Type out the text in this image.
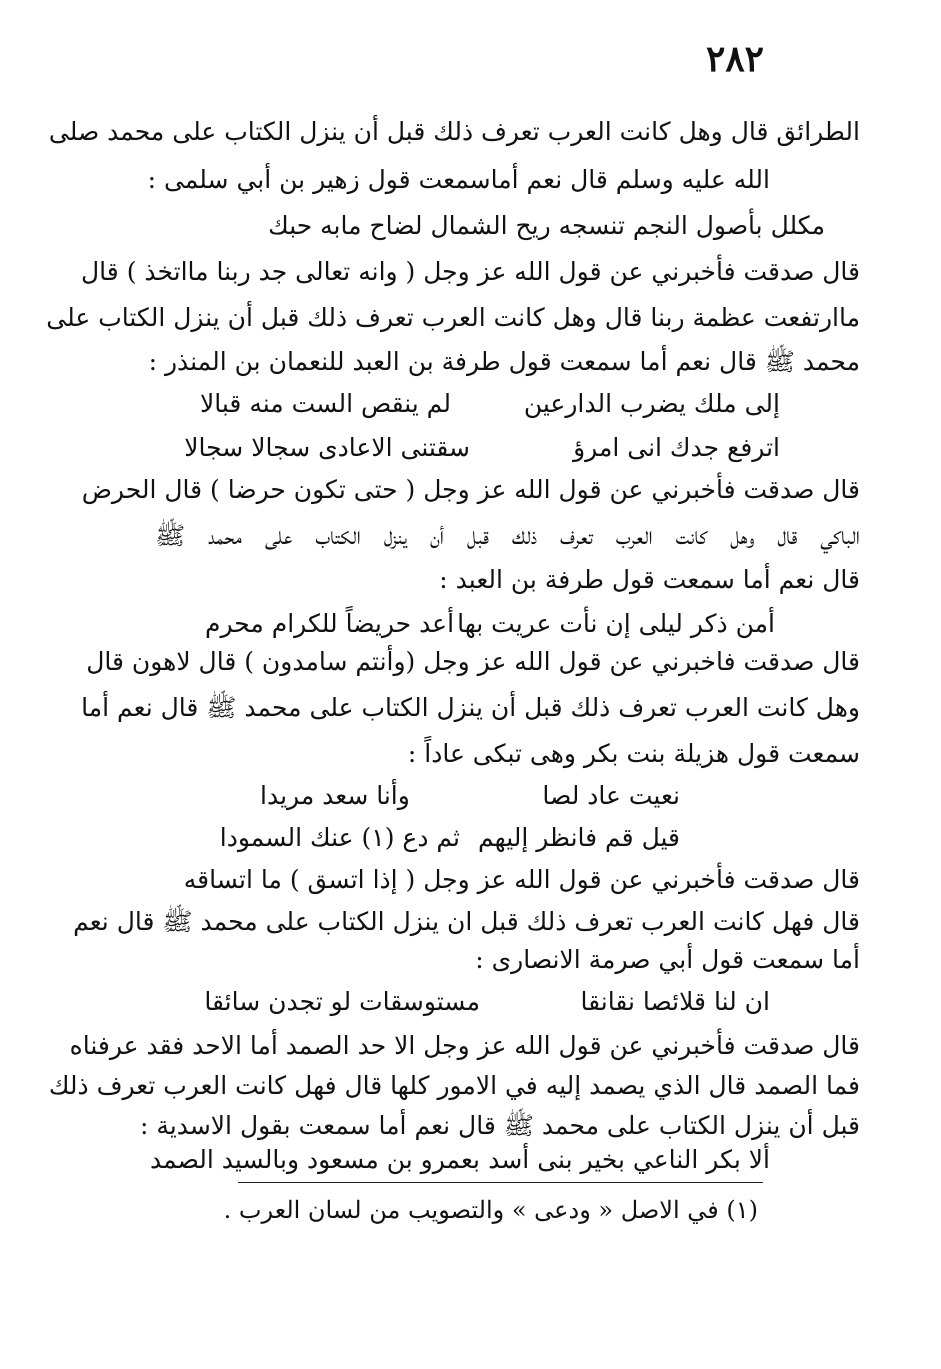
٢٨٢
الطرائق قال وهل كانت العرب تعرف ذلك قبل أن ينزل الكتاب على محمد صلى
الله عليه وسلم قال نعم أماسمعت قول زهير بن أبي سلمى :
مكلل بأصول النجم تنسجه ريح الشمال لضاح مابه حبك
قال صدقت فأخبرني عن قول الله عز وجل ( وانه تعالى جد ربنا مااتخذ ) قال
ماارتفعت عظمة ربنا قال وهل كانت العرب تعرف ذلك قبل أن ينزل الكتاب على
محمد ﷺ قال نعم أما سمعت قول طرفة بن العبد للنعمان بن المنذر :
إلى ملك يضرب الدارعين
لم ينقص الست منه قبالا
اترفع جدك انى امرؤ
سقتنى الاعادى سجالا سجالا
قال صدقت فأخبرني عن قول الله عز وجل ( حتى تكون حرضا ) قال الحرض
الباكي قال وهل كانت العرب تعرف ذلك قبل أن ينزل الكتاب على محمد ﷺ
قال نعم أما سمعت قول طرفة بن العبد :
أمن ذكر ليلى إن نأت عريت بها
أعد حريضاً للكرام محرم
قال صدقت فاخبرني عن قول الله عز وجل (وأنتم سامدون ) قال لاهون قال
وهل كانت العرب تعرف ذلك قبل أن ينزل الكتاب على محمد ﷺ قال نعم أما
سمعت قول هزيلة بنت بكر وهى تبكى عاداً :
نعيت عاد لصا
وأنا سعد مريدا
قيل قم فانظر إليهم
ثم دع (١) عنك السمودا
قال صدقت فأخبرني عن قول الله عز وجل ( إذا اتسق ) ما اتساقه
قال فهل كانت العرب تعرف ذلك قبل ان ينزل الكتاب على محمد ﷺ قال نعم
أما سمعت قول أبي صرمة الانصارى :
ان لنا قلائصا نقانقا
مستوسقات لو تجدن سائقا
قال صدقت فأخبرني عن قول الله عز وجل الا حد الصمد أما الاحد فقد عرفناه
فما الصمد قال الذي يصمد إليه في الامور كلها قال فهل كانت العرب تعرف ذلك
قبل أن ينزل الكتاب على محمد ﷺ قال نعم أما سمعت بقول الاسدية :
ألا بكر الناعي بخير بنى أسد
بعمرو بن مسعود وبالسيد الصمد
(١) في الاصل « ودعى » والتصويب من لسان العرب .
